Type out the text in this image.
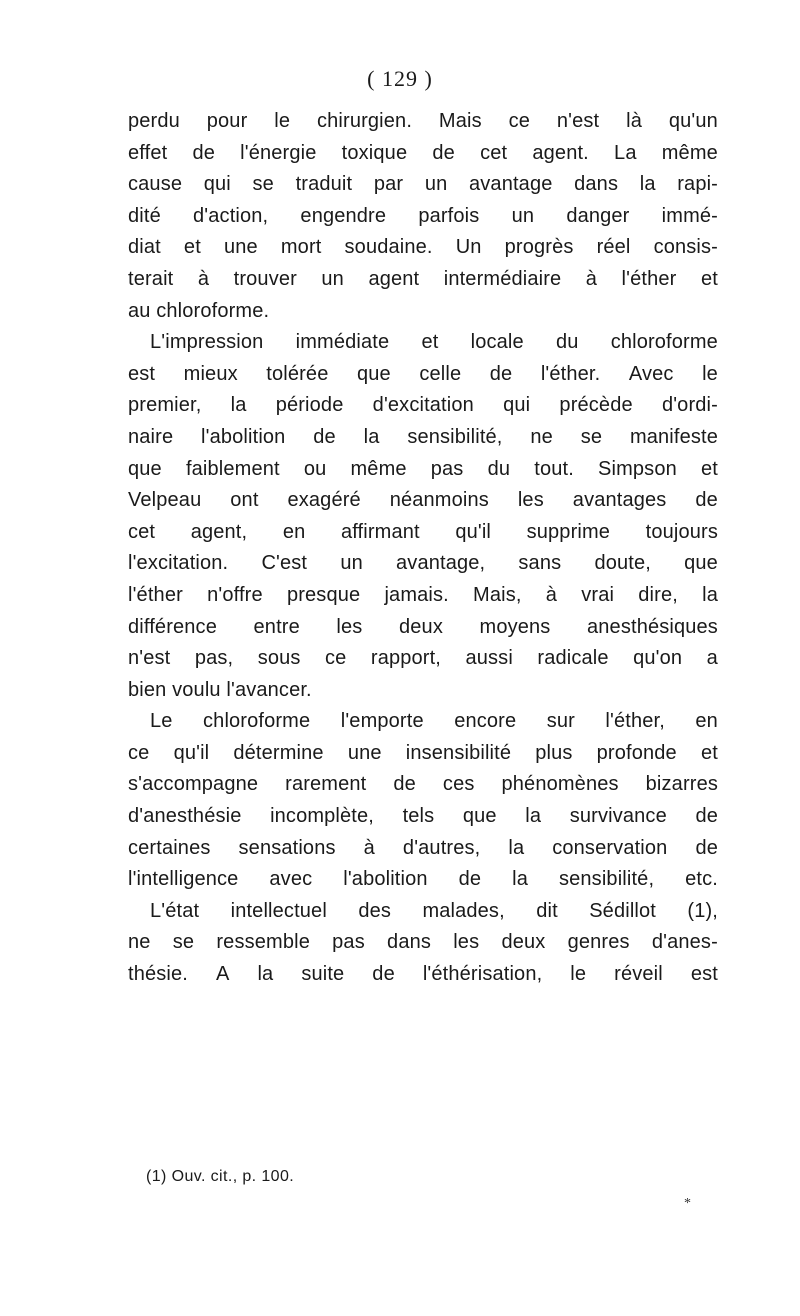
( 129 )
perdu pour le chirurgien. Mais ce n'est là qu'un
effet de l'énergie toxique de cet agent. La même
cause qui se traduit par un avantage dans la rapi-
dité d'action, engendre parfois un danger immé-
diat et une mort soudaine. Un progrès réel consis-
terait à trouver un agent intermédiaire à l'éther et
au chloroforme.
L'impression immédiate et locale du chloroforme
est mieux tolérée que celle de l'éther. Avec le
premier, la période d'excitation qui précède d'ordi-
naire l'abolition de la sensibilité, ne se manifeste
que faiblement ou même pas du tout. Simpson et
Velpeau ont exagéré néanmoins les avantages de
cet agent, en affirmant qu'il supprime toujours
l'excitation. C'est un avantage, sans doute, que
l'éther n'offre presque jamais. Mais, à vrai dire, la
différence entre les deux moyens anesthésiques
n'est pas, sous ce rapport, aussi radicale qu'on a
bien voulu l'avancer.
Le chloroforme l'emporte encore sur l'éther, en
ce qu'il détermine une insensibilité plus profonde et
s'accompagne rarement de ces phénomènes bizarres
d'anesthésie incomplète, tels que la survivance de
certaines sensations à d'autres, la conservation de
l'intelligence avec l'abolition de la sensibilité, etc.
L'état intellectuel des malades, dit Sédillot (1),
ne se ressemble pas dans les deux genres d'anes-
thésie. A la suite de l'éthérisation, le réveil est
(1) Ouv. cit., p. 100.
*
